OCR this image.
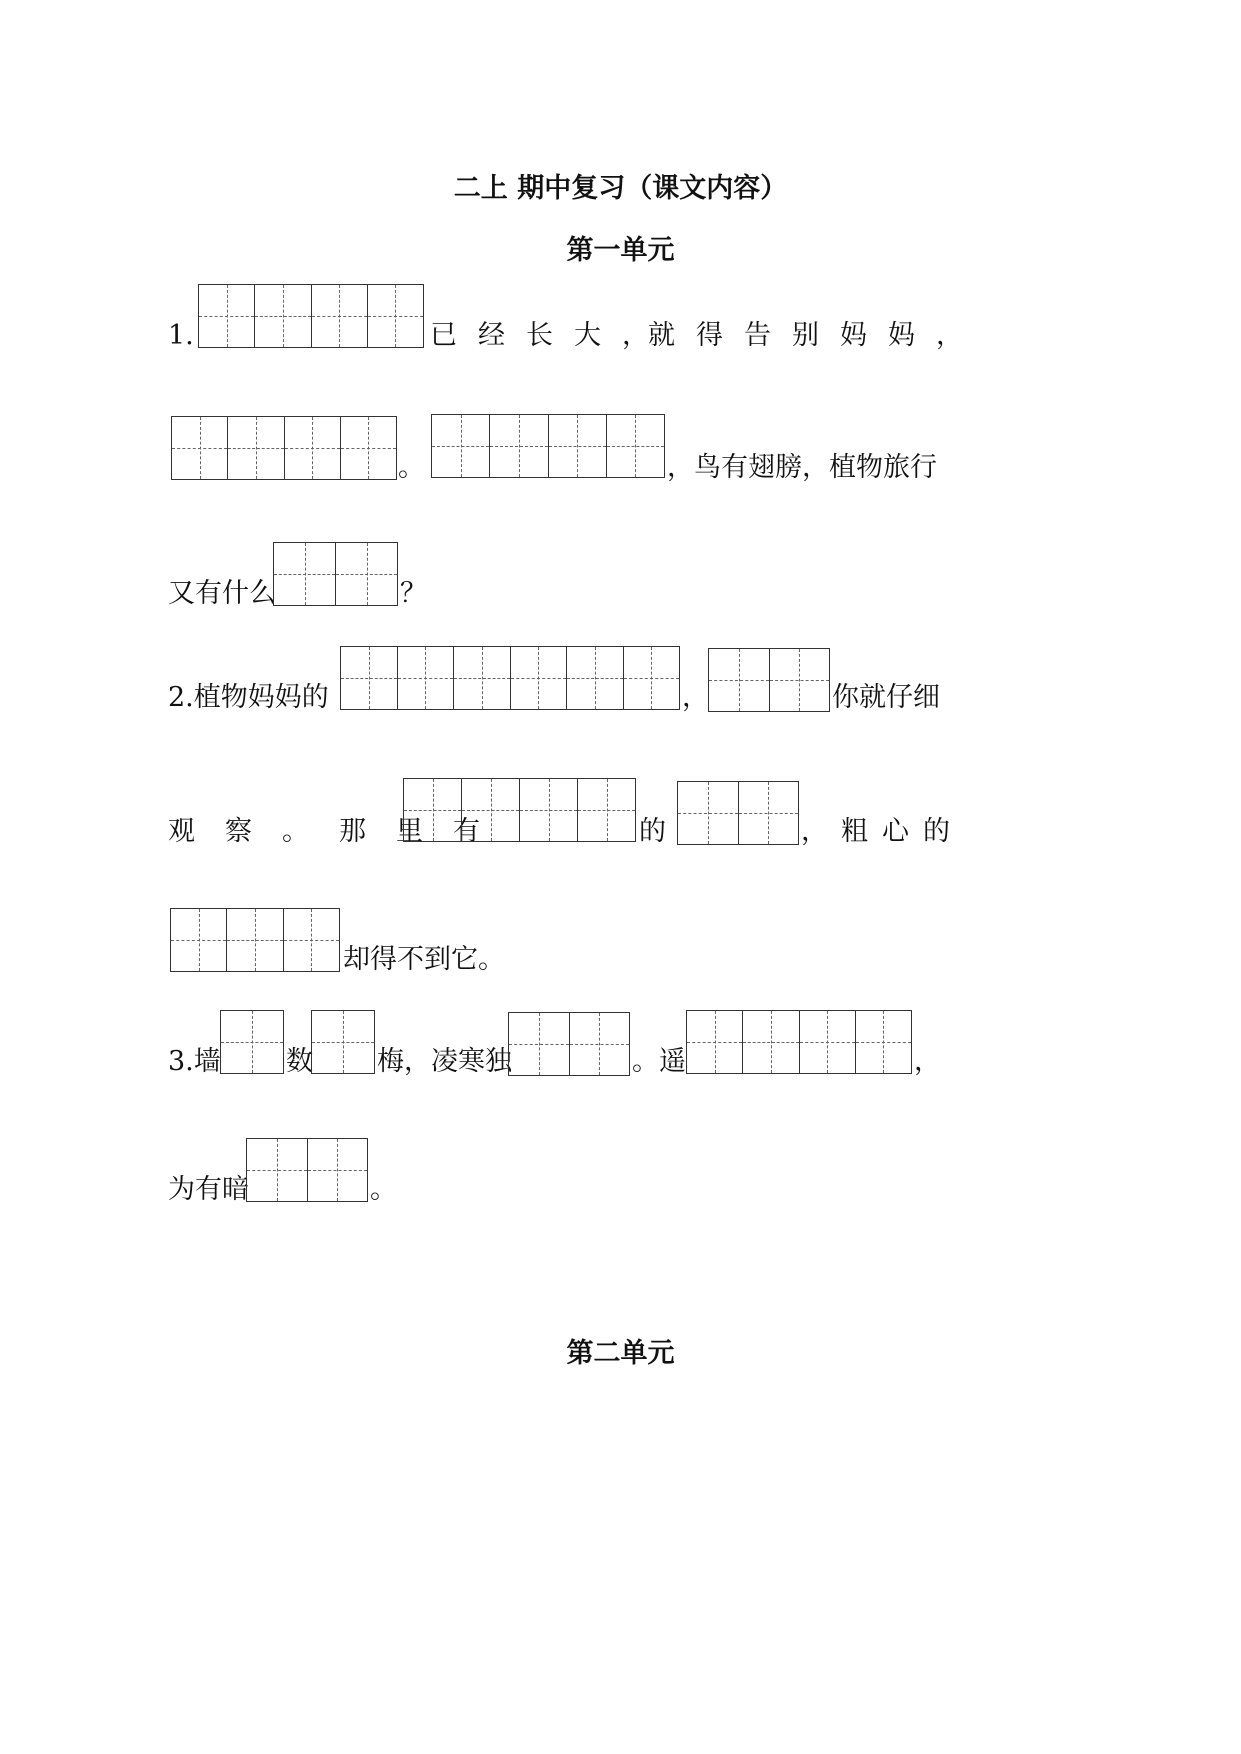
二上 期中复习（课文内容）
第一单元
1.	已经长大，
就得告别妈妈，
。	，鸟有翅膀，植物旅行
又有什么	？
2.植物妈妈的	，	你就仔细
观察。那里有	的	， 粗心的
却得不到它。
3.墙 数 梅，凌寒独	。遥	，
为有暗	。
第二单元
